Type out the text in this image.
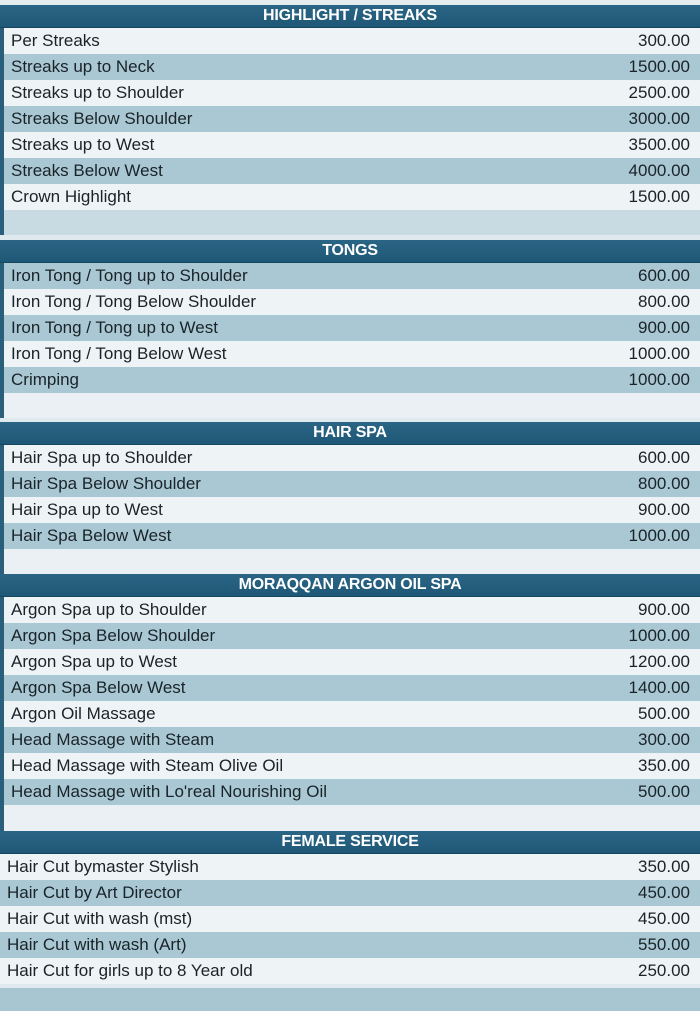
HIGHLIGHT / STREAKS
Per Streaks	300.00
Streaks up to Neck	1500.00
Streaks up to Shoulder	2500.00
Streaks Below Shoulder	3000.00
Streaks up to West	3500.00
Streaks Below West	4000.00
Crown Highlight	1500.00
TONGS
Iron Tong / Tong up to Shoulder	600.00
Iron Tong / Tong Below Shoulder	800.00
Iron Tong / Tong up to West	900.00
Iron Tong / Tong Below West	1000.00
Crimping	1000.00
HAIR SPA
Hair Spa up to Shoulder	600.00
Hair Spa Below Shoulder	800.00
Hair Spa up to West	900.00
Hair Spa Below West	1000.00
MORAQQAN ARGON OIL SPA
Argon Spa up to Shoulder	900.00
Argon Spa Below Shoulder	1000.00
Argon Spa up to West	1200.00
Argon Spa Below West	1400.00
Argon Oil Massage	500.00
Head Massage with Steam	300.00
Head Massage with Steam Olive Oil	350.00
Head Massage with Lo'real Nourishing Oil	500.00
FEMALE SERVICE
Hair Cut bymaster Stylish	350.00
Hair Cut by Art Director	450.00
Hair Cut with wash (mst)	450.00
Hair Cut with wash (Art)	550.00
Hair Cut for girls up to 8 Year old	250.00
